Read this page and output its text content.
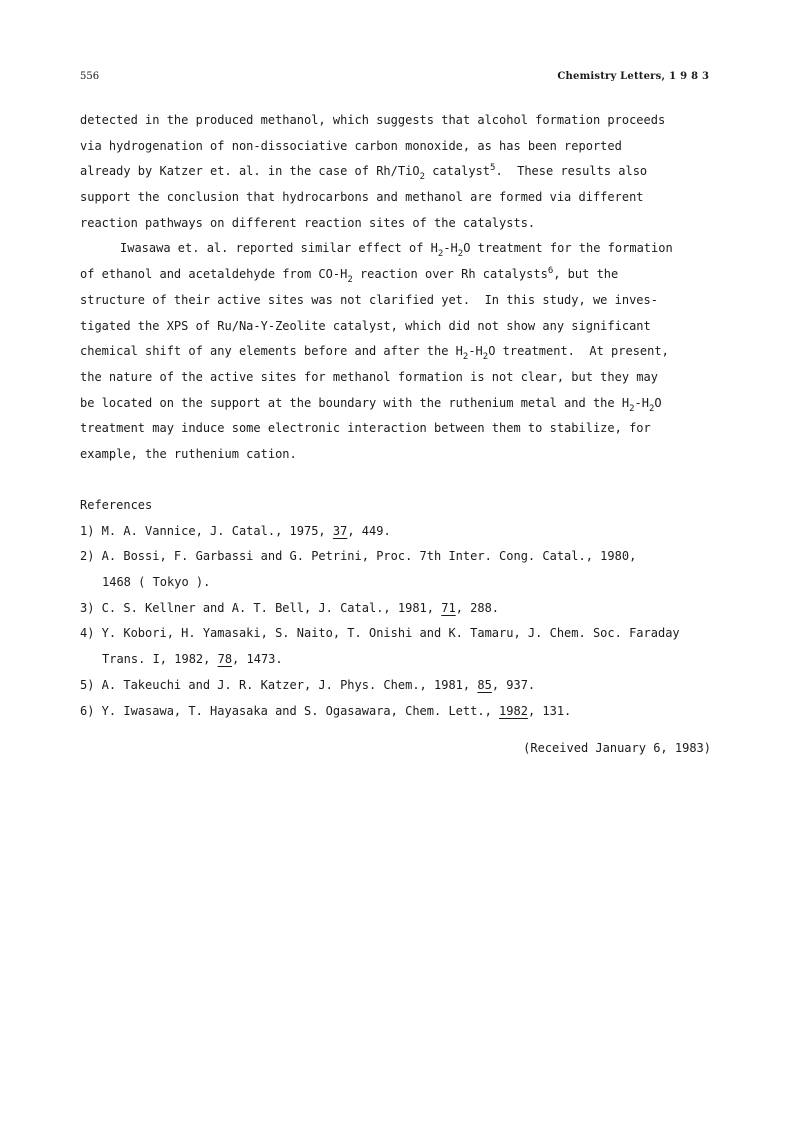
556	Chemistry Letters, 1983
detected in the produced methanol, which suggests that alcohol formation proceeds
via hydrogenation of non-dissociative carbon monoxide, as has been reported
already by Katzer et. al. in the case of Rh/TiO$_2$ catalyst$^5$.  These results also
support the conclusion that hydrocarbons and methanol are formed via different
reaction pathways on different reaction sites of the catalysts.
Iwasawa et. al. reported similar effect of $H_2-H_2O$ treatment for the formation
of ethanol and acetaldehyde from $CO-H_2$ reaction over Rh catalysts$^6$, but the
structure of their active sites was not clarified yet.  In this study, we inves-
tigated the XPS of Ru/Na-Y-Zeolite catalyst, which did not show any significant
chemical shift of any elements before and after the $H_2-H_2O$ treatment.  At present,
the nature of the active sites for methanol formation is not clear, but they may
be located on the support at the boundary with the ruthenium metal and the $H_2-H_2O$
treatment may induce some electronic interaction between them to stabilize, for
example, the ruthenium cation.
References
1) M. A. Vannice, J. Catal., 1975, 37, 449.
2) A. Bossi, F. Garbassi and G. Petrini, Proc. 7th Inter. Cong. Catal., 1980,
1468 ( Tokyo ).
3) C. S. Kellner and A. T. Bell, J. Catal., 1981, 71, 288.
4) Y. Kobori, H. Yamasaki, S. Naito, T. Onishi and K. Tamaru, J. Chem. Soc. Faraday
Trans. I, 1982, 78, 1473.
5) A. Takeuchi and J. R. Katzer, J. Phys. Chem., 1981, 85, 937.
6) Y. Iwasawa, T. Hayasaka and S. Ogasawara, Chem. Lett., 1982, 131.
(Received January 6, 1983)
